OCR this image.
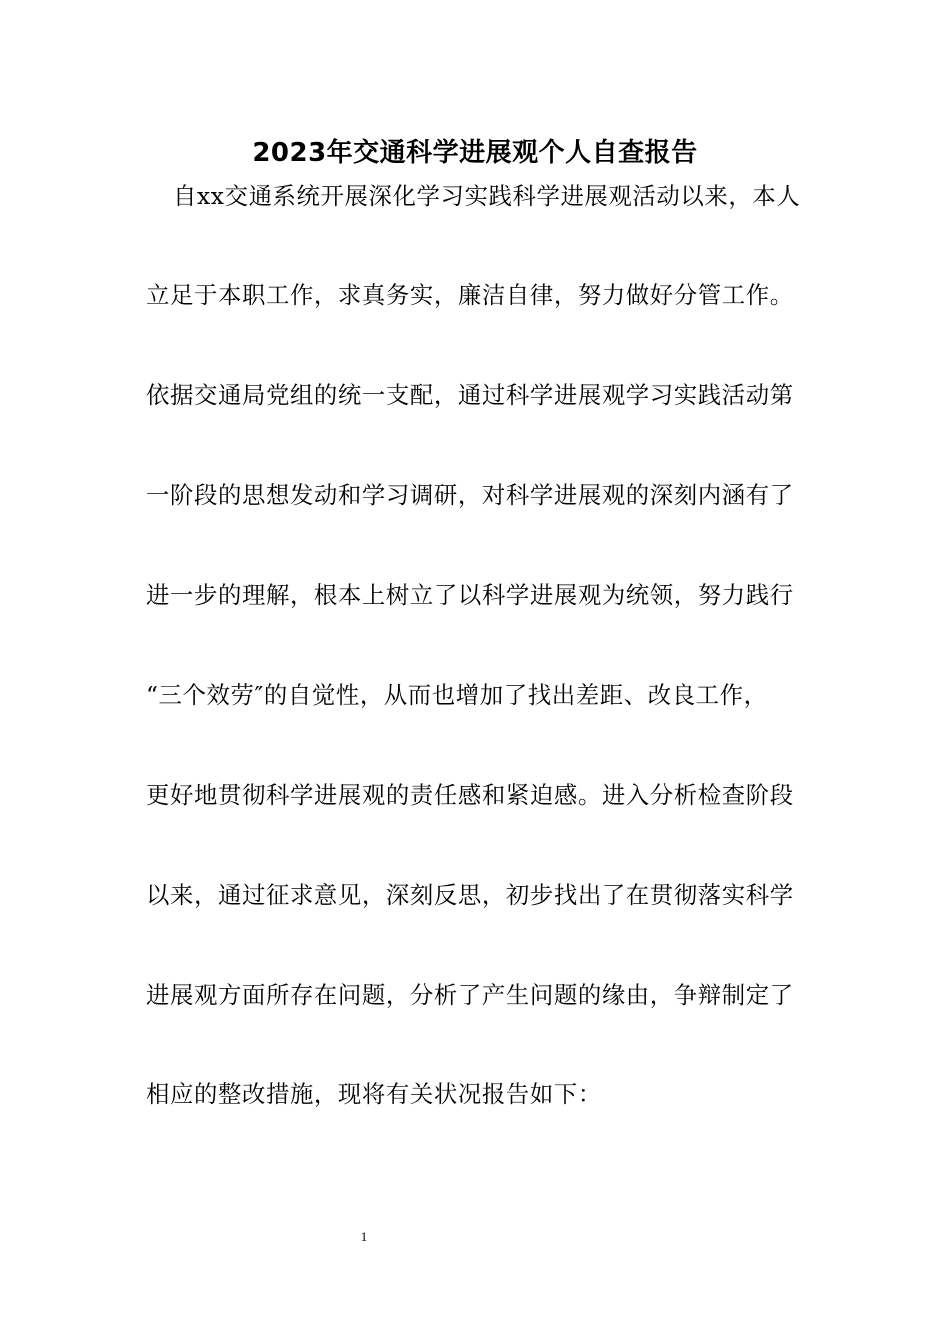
2023年交通科学进展观个人自查报告

自xx交通系统开展深化学习实践科学进展观活动以来，本人

立足于本职工作，求真务实，廉洁自律，努力做好分管工作。

依据交通局党组的统一支配，通过科学进展观学习实践活动第

一阶段的思想发动和学习调研，对科学进展观的深刻内涵有了

进一步的理解，根本上树立了以科学进展观为统领，努力践行

“三个效劳″的自觉性，从而也增加了找出差距、改良工作，

更好地贯彻科学进展观的责任感和紧迫感。进入分析检查阶段

以来，通过征求意见，深刻反思，初步找出了在贯彻落实科学

进展观方面所存在问题，分析了产生问题的缘由，争辩制定了

相应的整改措施，现将有关状况报告如下：

1
